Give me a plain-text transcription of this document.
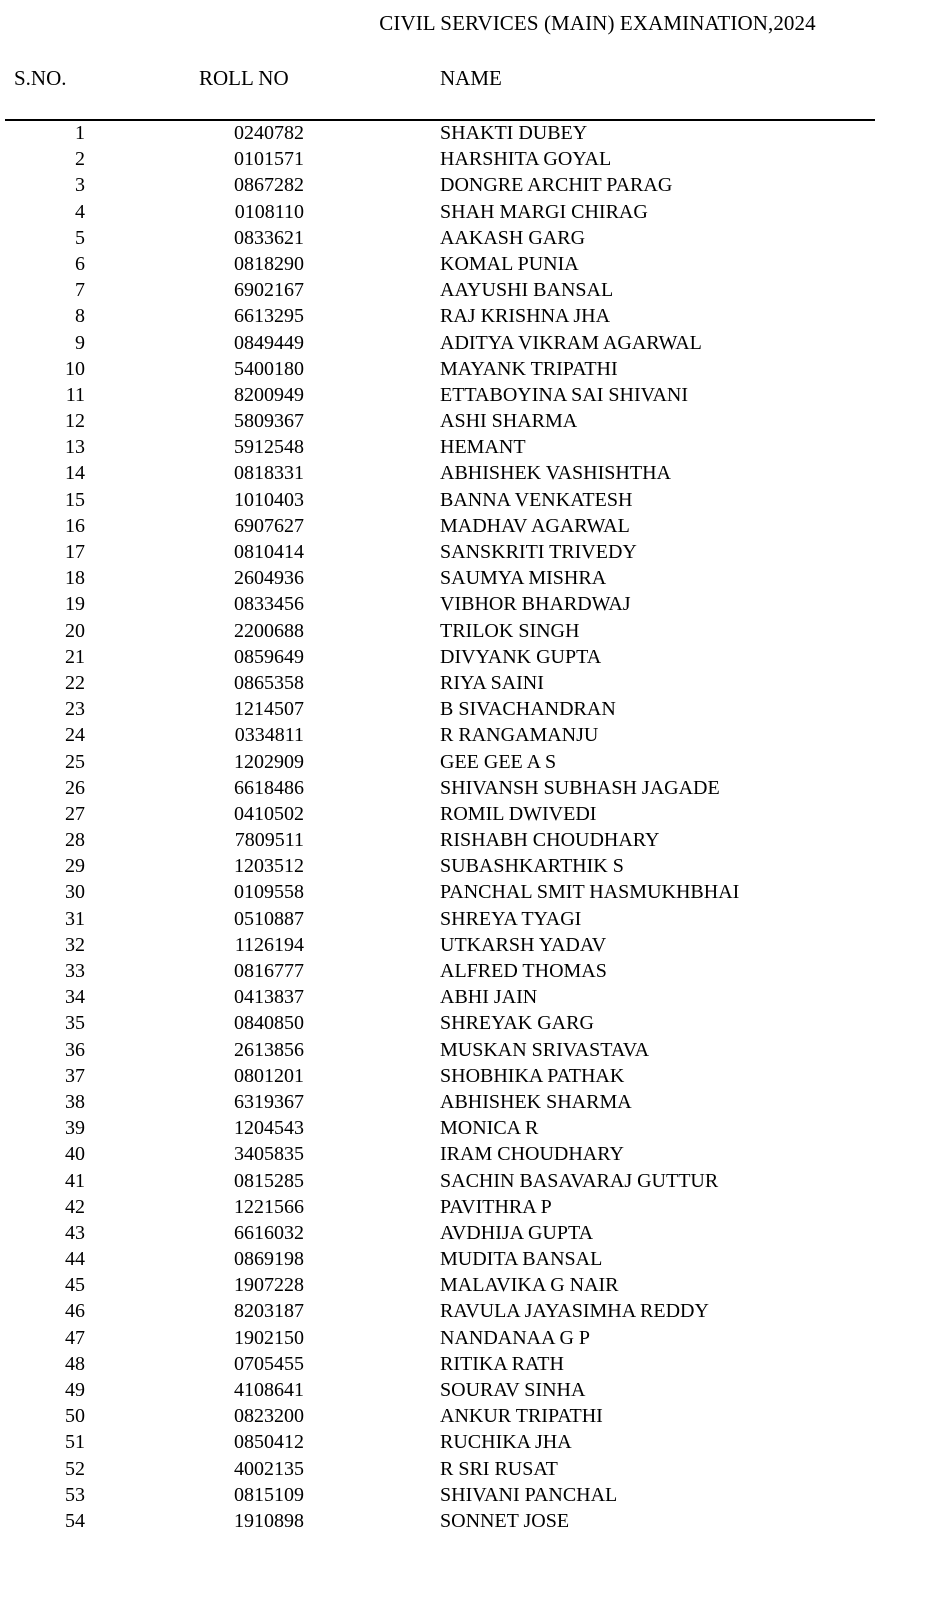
CIVIL SERVICES (MAIN) EXAMINATION,2024
S.NO.	ROLL NO	NAME
1	0240782	SHAKTI DUBEY
2	0101571	HARSHITA GOYAL
3	0867282	DONGRE ARCHIT PARAG
4	0108110	SHAH MARGI CHIRAG
5	0833621	AAKASH GARG
6	0818290	KOMAL PUNIA
7	6902167	AAYUSHI BANSAL
8	6613295	RAJ KRISHNA JHA
9	0849449	ADITYA VIKRAM AGARWAL
10	5400180	MAYANK TRIPATHI
11	8200949	ETTABOYINA SAI SHIVANI
12	5809367	ASHI SHARMA
13	5912548	HEMANT
14	0818331	ABHISHEK VASHISHTHA
15	1010403	BANNA VENKATESH
16	6907627	MADHAV AGARWAL
17	0810414	SANSKRITI TRIVEDY
18	2604936	SAUMYA MISHRA
19	0833456	VIBHOR BHARDWAJ
20	2200688	TRILOK SINGH
21	0859649	DIVYANK GUPTA
22	0865358	RIYA SAINI
23	1214507	B SIVACHANDRAN
24	0334811	R RANGAMANJU
25	1202909	GEE GEE A S
26	6618486	SHIVANSH SUBHASH JAGADE
27	0410502	ROMIL DWIVEDI
28	7809511	RISHABH CHOUDHARY
29	1203512	SUBASHKARTHIK S
30	0109558	PANCHAL SMIT HASMUKHBHAI
31	0510887	SHREYA TYAGI
32	1126194	UTKARSH YADAV
33	0816777	ALFRED THOMAS
34	0413837	ABHI JAIN
35	0840850	SHREYAK GARG
36	2613856	MUSKAN SRIVASTAVA
37	0801201	SHOBHIKA PATHAK
38	6319367	ABHISHEK SHARMA
39	1204543	MONICA R
40	3405835	IRAM CHOUDHARY
41	0815285	SACHIN BASAVARAJ GUTTUR
42	1221566	PAVITHRA P
43	6616032	AVDHIJA GUPTA
44	0869198	MUDITA BANSAL
45	1907228	MALAVIKA G NAIR
46	8203187	RAVULA JAYASIMHA REDDY
47	1902150	NANDANAA G P
48	0705455	RITIKA RATH
49	4108641	SOURAV SINHA
50	0823200	ANKUR TRIPATHI
51	0850412	RUCHIKA JHA
52	4002135	R SRI RUSAT
53	0815109	SHIVANI PANCHAL
54	1910898	SONNET JOSE
